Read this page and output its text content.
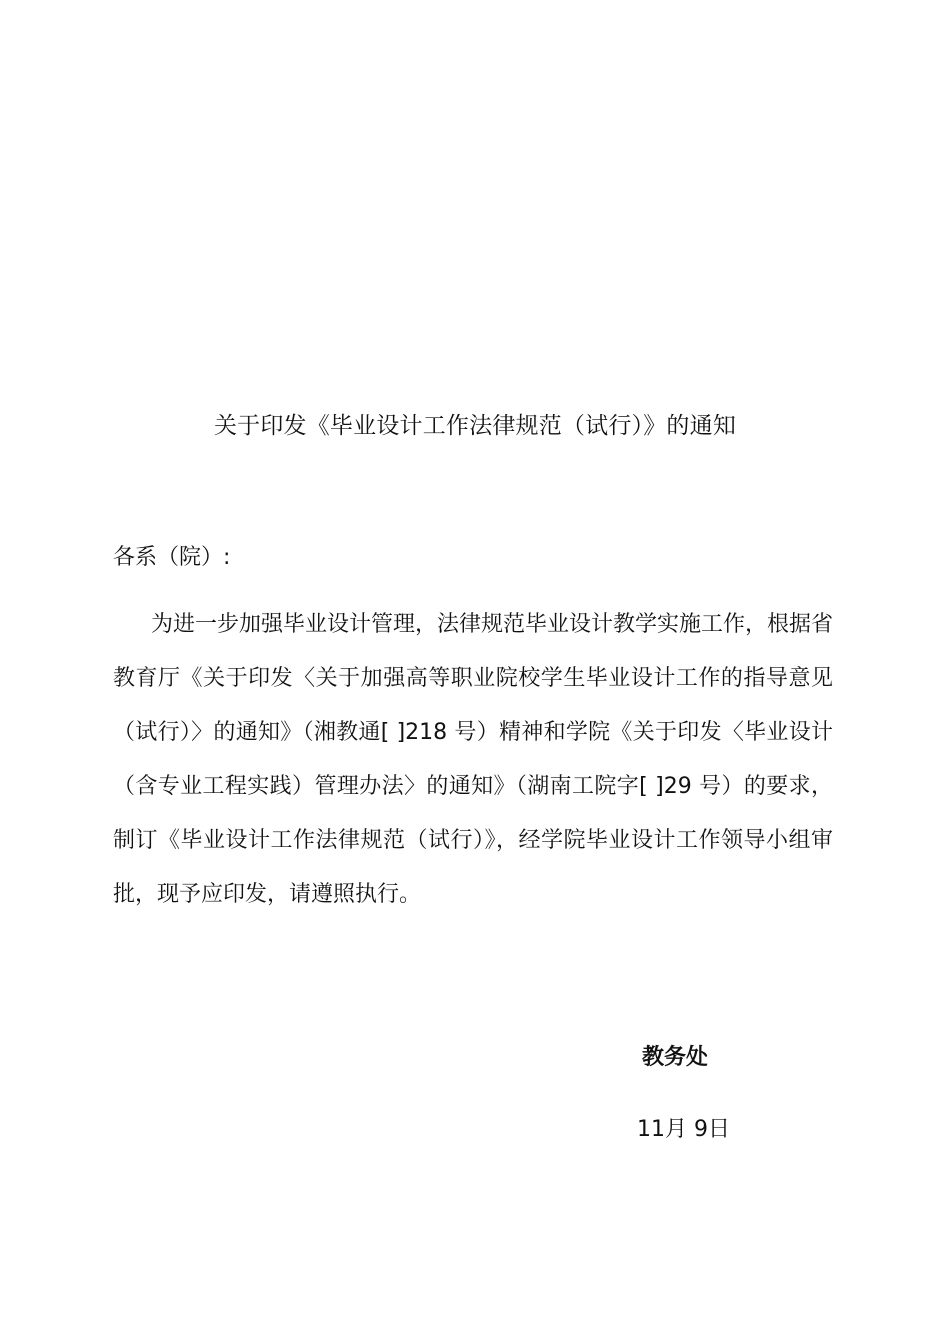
关于印发《毕业设计工作法律规范（试行）》的通知
各系（院）:
为进一步加强毕业设计管理，法律规范毕业设计教学实施工作，根据省教育厅《关于印发〈关于加强高等职业院校学生毕业设计工作的指导意见（试行）〉的通知》（湘教通[ ]218 号）精神和学院《关于印发〈毕业设计（含专业工程实践）管理办法〉的通知》（湖南工院字[ ]29 号）的要求，制订《毕业设计工作法律规范（试行）》，经学院毕业设计工作领导小组审批，现予应印发，请遵照执行。
教务处
11月 9日
